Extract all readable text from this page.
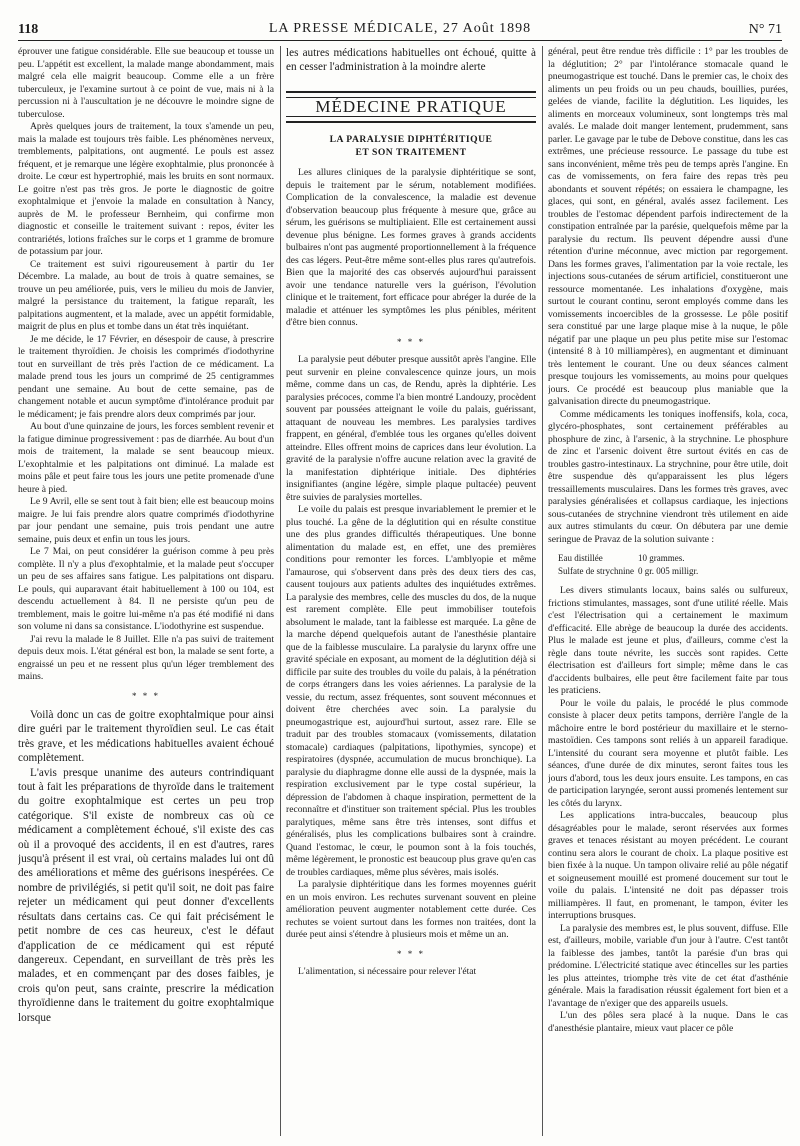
118	LA PRESSE MÉDICALE, 27 Août 1898	N° 71

éprouver une fatigue considérable. Elle sue beaucoup et tousse un peu. L'appétit est excellent, la malade mange abondamment, mais malgré cela elle maigrit beaucoup. Comme elle a un frère tuberculeux, je l'examine surtout à ce point de vue, mais ni à la percussion ni à l'auscultation je ne découvre le moindre signe de tuberculose.

Après quelques jours de traitement, la toux s'amende un peu, mais la malade est toujours très faible. Les phénomènes nerveux, tremblements, palpitations, ont augmenté. Le pouls est assez fréquent, et je remarque une légère exophtalmie, plus prononcée à droite. Le cœur est hypertrophié, mais les bruits en sont normaux. Le goitre n'est pas très gros. Je porte le diagnostic de goitre exophtalmique et j'envoie la malade en consultation à Nancy, auprès de M. le professeur Bernheim, qui confirme mon diagnostic et conseille le traitement suivant : repos, éviter les contrariétés, lotions fraîches sur le corps et 1 gramme de bromure de potassium par jour.

Ce traitement est suivi rigoureusement à partir du 1er Décembre. La malade, au bout de trois à quatre semaines, se trouve un peu améliorée, puis, vers le milieu du mois de Janvier, malgré la persistance du traitement, la fatigue reparaît, les palpitations augmentent, et la malade, avec un appétit formidable, maigrit de plus en plus et tombe dans un état très inquiétant.

Je me décide, le 17 Février, en désespoir de cause, à prescrire le traitement thyroïdien. Je choisis les comprimés d'iodothyrine tout en surveillant de très près l'action de ce médicament. La malade prend tous les jours un comprimé de 25 centigrammes pendant une semaine. Au bout de cette semaine, pas de changement notable et aucun symptôme d'intolérance produit par le médicament; je fais prendre alors deux comprimés par jour.

Au bout d'une quinzaine de jours, les forces semblent revenir et la fatigue diminue progressivement : pas de diarrhée. Au bout d'un mois de traitement, la malade se sent beaucoup mieux. L'exophtalmie et les palpitations ont diminué. La malade est moins pâle et peut faire tous les jours une petite promenade d'une heure à pied.

Le 9 Avril, elle se sent tout à fait bien; elle est beaucoup moins maigre. Je lui fais prendre alors quatre comprimés d'iodothyrine par jour pendant une semaine, puis trois pendant une autre semaine, puis deux et enfin un tous les jours.

Le 7 Mai, on peut considérer la guérison comme à peu près complète. Il n'y a plus d'exophtalmie, et la malade peut s'occuper un peu de ses affaires sans fatigue. Les palpitations ont disparu. Le pouls, qui auparavant était habituellement à 100 ou 104, est descendu actuellement à 84. Il ne persiste qu'un peu de tremblement, mais le goitre lui-même n'a pas été modifié ni dans son volume ni dans sa consistance. L'iodothyrine est suspendue.

J'ai revu la malade le 8 Juillet. Elle n'a pas suivi de traitement depuis deux mois. L'état général est bon, la malade se sent forte, a engraissé un peu et ne ressent plus qu'un léger tremblement des mains.

* * *

Voilà donc un cas de goitre exophtalmique pour ainsi dire guéri par le traitement thyroïdien seul. Le cas était très grave, et les médications habituelles avaient échoué complètement.

L'avis presque unanime des auteurs contrindiquant tout à fait les préparations de thyroïde dans le traitement du goitre exophtalmique est certes un peu trop catégorique. S'il existe de nombreux cas où ce médicament a complètement échoué, s'il existe des cas où il a provoqué des accidents, il en est d'autres, rares jusqu'à présent il est vrai, où certains malades lui ont dû des améliorations et même des guérisons inespérées. Ce nombre de privilégiés, si petit qu'il soit, ne doit pas faire rejeter un médicament qui peut donner d'excellents résultats dans certains cas. Ce qui fait précisément le petit nombre de ces cas heureux, c'est le défaut d'application de ce médicament qui est réputé dangereux. Cependant, en surveillant de très près les malades, et en commençant par des doses faibles, je crois qu'on peut, sans crainte, prescrire la médication thyroïdienne dans le traitement du goitre exophtalmique lorsque

les autres médications habituelles ont échoué, quitte à en cesser l'administration à la moindre alerte

MÉDECINE PRATIQUE
LA PARALYSIE DIPHTÉRITIQUE
ET SON TRAITEMENT

Les allures cliniques de la paralysie diphtéritique se sont, depuis le traitement par le sérum, notablement modifiées. Complication de la convalescence, la maladie est devenue d'observation beaucoup plus fréquente à mesure que, grâce au sérum, les guérisons se multipliaient. Elle est certainement aussi devenue plus bénigne. Les formes graves à grands accidents bulbaires n'ont pas augmenté proportionnellement à la fréquence des cas légers. Peut-être même sont-elles plus rares qu'autrefois. Bien que la majorité des cas observés aujourd'hui paraissent avoir une tendance naturelle vers la guérison, l'évolution clinique et le traitement, fort efficace pour abréger la durée de la maladie et atténuer les symptômes les plus pénibles, méritent d'être bien connus.

* * *

La paralysie peut débuter presque aussitôt après l'angine. Elle peut survenir en pleine convalescence quinze jours, un mois même, comme dans un cas, de Rendu, après la diphtérie. Les paralysies précoces, comme l'a bien montré Landouzy, procèdent souvent par poussées atteignant le voile du palais, guérissant, attaquant de nouveau les membres. Les paralysies tardives frappent, en général, d'emblée tous les organes qu'elles doivent atteindre. Elles offrent moins de caprices dans leur évolution. La gravité de la paralysie n'offre aucune relation avec la gravité de la manifestation diphtérique initiale. Des diphtéries insignifiantes (angine légère, simple plaque pultacée) peuvent être suivies de paralysies mortelles.

Le voile du palais est presque invariablement le premier et le plus touché. La gêne de la déglutition qui en résulte constitue une des plus grandes difficultés thérapeutiques. Une bonne alimentation du malade est, en effet, une des premières conditions pour remonter les forces. L'amblyopie et même l'amaurose, qui s'observent dans près des deux tiers des cas, causent toujours aux patients adultes des inquiétudes extrêmes. La paralysie des membres, celle des muscles du dos, de la nuque est rarement complète. Elle peut immobiliser toutefois absolument le malade, tant la faiblesse est marquée. La gêne de la marche dépend quelquefois autant de l'anesthésie plantaire que de la faiblesse musculaire. La paralysie du larynx offre une gravité spéciale en exposant, au moment de la déglutition déjà si difficile par suite des troubles du voile du palais, à la pénétration de corps étrangers dans les voies aériennes. La paralysie de la vessie, du rectum, assez fréquentes, sont souvent méconnues et doivent être cherchées avec soin. La paralysie du pneumogastrique est, aujourd'hui surtout, assez rare. Elle se traduit par des troubles stomacaux (vomissements, dilatation stomacale) cardiaques (palpitations, lipothymies, syncope) et respiratoires (dyspnée, accumulation de mucus bronchique). La paralysie du diaphragme donne elle aussi de la dyspnée, mais la respiration exclusivement par le type costal supérieur, la dépression de l'abdomen à chaque inspiration, permettent de la reconnaître et d'instituer son traitement spécial. Plus les troubles paralytiques, même sans être très intenses, sont diffus et généralisés, plus les complications bulbaires sont à craindre. Quand l'estomac, le cœur, le poumon sont à la fois touchés, même légèrement, le pronostic est beaucoup plus grave qu'en cas de troubles cardiaques, même plus sévères, mais isolés.

La paralysie diphtéritique dans les formes moyennes guérit en un mois environ. Les rechutes survenant souvent en pleine amélioration peuvent augmenter notablement cette durée. Ces rechutes se voient surtout dans les formes non traitées, dont la durée peut ainsi s'étendre à plusieurs mois et même un an.

* * *

L'alimentation, si nécessaire pour relever l'état

général, peut être rendue très difficile : 1° par les troubles de la déglutition; 2° par l'intolérance stomacale quand le pneumogastrique est touché. Dans le premier cas, le choix des aliments un peu froids ou un peu chauds, bouillies, purées, gelées de viande, facilite la déglutition. Les liquides, les aliments en morceaux volumineux, sont longtemps très mal avalés. Le malade doit manger lentement, prudemment, sans parler. Le gavage par le tube de Debove constitue, dans les cas extrêmes, une précieuse ressource. Le passage du tube est sans inconvénient, même très peu de temps après l'angine. En cas de vomissements, on fera faire des repas très peu abondants et souvent répétés; on essaiera le champagne, les glaces, qui sont, en général, avalés assez facilement. Les troubles de l'estomac dépendent parfois indirectement de la constipation entraînée par la parésie, quelquefois même par la paralysie du rectum. Ils peuvent dépendre aussi d'une rétention d'urine méconnue, avec miction par regorgement. Dans les formes graves, l'alimentation par la voie rectale, les injections sous-cutanées de sérum artificiel, constitueront une ressource momentanée. Les inhalations d'oxygène, mais surtout le courant continu, seront employés comme dans les vomissements incoercibles de la grossesse. Le pôle positif sera constitué par une large plaque mise à la nuque, le pôle négatif par une plaque un peu plus petite mise sur l'estomac (intensité 8 à 10 milliampères), en augmentant et diminuant très lentement le courant. Une ou deux séances calment presque toujours les vomissements, au moins pour quelques jours. Ce procédé est beaucoup plus maniable que la galvanisation directe du pneumogastrique.

Comme médicaments les toniques inoffensifs, kola, coca, glycéro-phosphates, sont certainement préférables au phosphure de zinc, à l'arsenic, à la strychnine. Le phosphure de zinc et l'arsenic doivent être surtout évités en cas de troubles gastro-intestinaux. La strychnine, pour être utile, doit être suspendue dès qu'apparaissent les plus légers tressaillements musculaires. Dans les formes très graves, avec paralysies généralisées et collapsus cardiaque, les injections sous-cutanées de strychnine viendront très utilement en aide aux autres stimulants du cœur. On débutera par une demie seringue de Pravaz de la solution suivante :

Eau distillée	10 grammes.
Sulfate de strychnine	0 gr. 005 milligr.

Les divers stimulants locaux, bains salés ou sulfureux, frictions stimulantes, massages, sont d'une utilité réelle. Mais c'est l'électrisation qui a certainement le maximum d'efficacité. Elle abrège de beaucoup la durée des accidents. Plus le malade est jeune et plus, d'ailleurs, comme c'est la règle dans toute névrite, les succès sont rapides. Cette électrisation est d'ailleurs fort simple; même dans le cas d'accidents bulbaires, elle peut être facilement faite par tous les praticiens.

Pour le voile du palais, le procédé le plus commode consiste à placer deux petits tampons, derrière l'angle de la mâchoire entre le bord postérieur du maxillaire et le sterno-mastoïdien. Ces tampons sont reliés à un appareil faradique. L'intensité du courant sera moyenne et plutôt faible. Les séances, d'une durée de dix minutes, seront faites tous les jours d'abord, tous les deux jours ensuite. Les tampons, en cas de participation laryngée, seront aussi promenés lentement sur les côtés du larynx.

Les applications intra-buccales, beaucoup plus désagréables pour le malade, seront réservées aux formes graves et tenaces résistant au moyen précédent. Le courant continu sera alors le courant de choix. La plaque positive est bien fixée à la nuque. Un tampon olivaire relié au pôle négatif et soigneusement mouillé est promené doucement sur tout le voile du palais. L'intensité ne doit pas dépasser trois milliampères. Il faut, en promenant, le tampon, éviter les interruptions brusques.

La paralysie des membres est, le plus souvent, diffuse. Elle est, d'ailleurs, mobile, variable d'un jour à l'autre. C'est tantôt la faiblesse des jambes, tantôt la parésie d'un bras qui prédomine. L'électricité statique avec étincelles sur les parties les plus atteintes, triomphe très vite de cet état d'asthénie générale. Mais la faradisation réussit également fort bien et a l'avantage de n'exiger que des appareils usuels.

L'un des pôles sera placé à la nuque. Dans le cas d'anesthésie plantaire, mieux vaut placer ce pôle
